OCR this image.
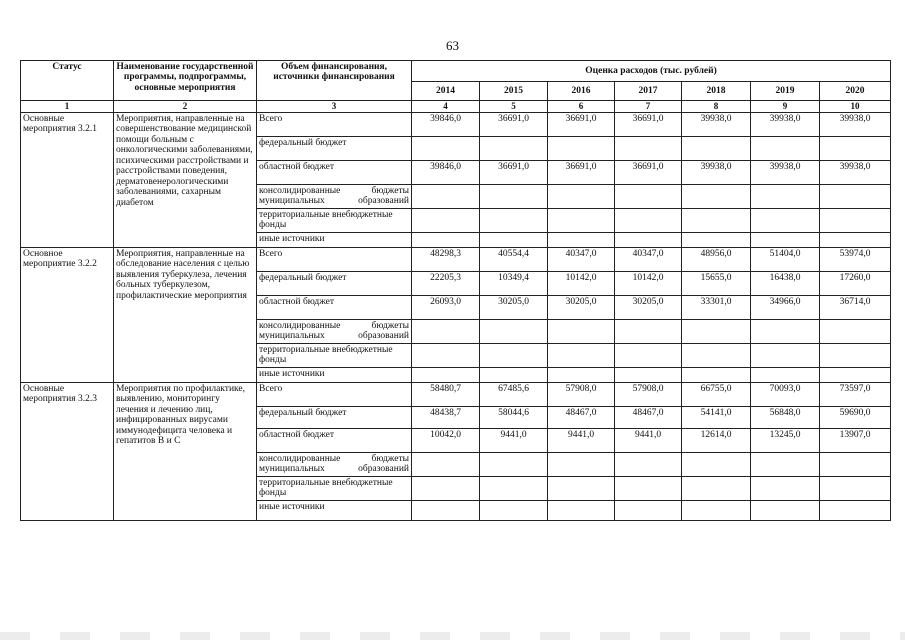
63
Статус	Наименование государственной программы, подпрограммы, основные мероприятия	Объем финансирования, источники финансирования	Оценка расходов (тыс. рублей)						
			2014	2015	2016	2017	2018	2019	2020
1	2	3	4	5	6	7	8	9	10
Основные мероприятия 3.2.1	Мероприятия, направленные на совершенствование медицинской помощи больным с онкологическими заболеваниями, психическими расстройствами и расстройствами поведения, дерматовенерологическими заболеваниями, сахарным диабетом	Всего	39846,0	36691,0	36691,0	36691,0	39938,0	39938,0	39938,0
		федеральный бюджет							
		областной бюджет	39846,0	36691,0	36691,0	36691,0	39938,0	39938,0	39938,0
		консолидированные бюджеты муниципальных образований							
		территориальные внебюджетные фонды							
		иные источники							
Основное мероприятие 3.2.2	Мероприятия, направленные на обследование населения с целью выявления туберкулеза, лечения больных туберкулезом, профилактические мероприятия	Всего	48298,3	40554,4	40347,0	40347,0	48956,0	51404,0	53974,0
		федеральный бюджет	22205,3	10349,4	10142,0	10142,0	15655,0	16438,0	17260,0
		областной бюджет	26093,0	30205,0	30205,0	30205,0	33301,0	34966,0	36714,0
		консолидированные бюджеты муниципальных образований							
		территориальные внебюджетные фонды							
		иные источники							
Основные мероприятия 3.2.3	Мероприятия по профилактике, выявлению, мониторингу лечения и лечению лиц, инфицированных вирусами иммунодефицита человека и гепатитов В и С	Всего	58480,7	67485,6	57908,0	57908,0	66755,0	70093,0	73597,0
		федеральный бюджет	48438,7	58044,6	48467,0	48467,0	54141,0	56848,0	59690,0
		областной бюджет	10042,0	9441,0	9441,0	9441,0	12614,0	13245,0	13907,0
		консолидированные бюджеты муниципальных образований							
		территориальные внебюджетные фонды							
		иные источники							
